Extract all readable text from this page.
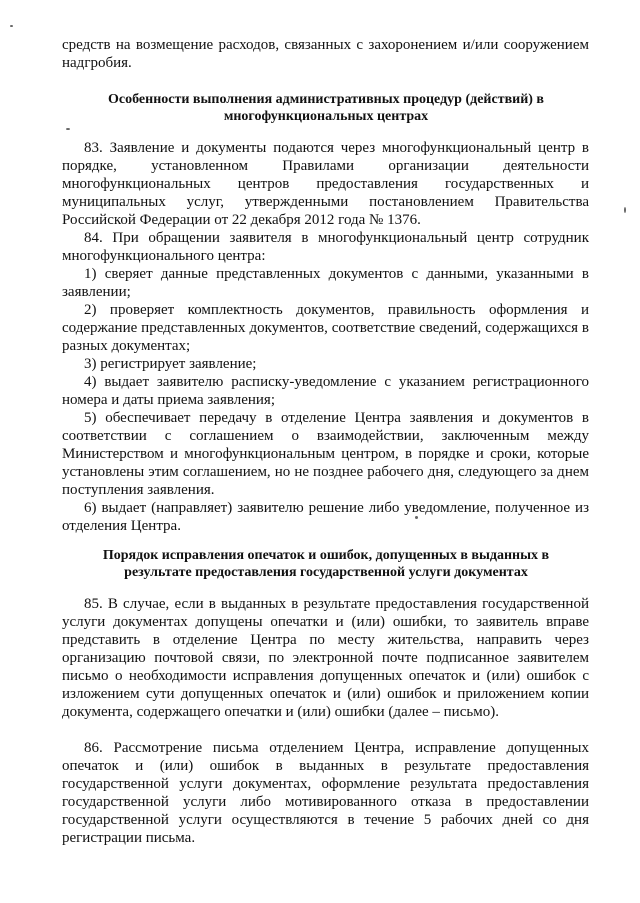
средств на возмещение расходов, связанных с захоронением и/или сооружением надгробия.

Особенности выполнения административных процедур (действий) в многофункциональных центрах

83. Заявление и документы подаются через многофункциональный центр в порядке, установленном Правилами организации деятельности многофункциональных центров предоставления государственных и муниципальных услуг, утвержденными постановлением Правительства Российской Федерации от 22 декабря 2012 года № 1376.

84. При обращении заявителя в многофункциональный центр сотрудник многофункционального центра:

1) сверяет данные представленных документов с данными, указанными в заявлении;

2) проверяет комплектность документов, правильность оформления и содержание представленных документов, соответствие сведений, содержащихся в разных документах;

3) регистрирует заявление;

4) выдает заявителю расписку-уведомление с указанием регистрационного номера и даты приема заявления;

5) обеспечивает передачу в отделение Центра заявления и документов в соответствии с соглашением о взаимодействии, заключенным между Министерством и многофункциональным центром, в порядке и сроки, которые установлены этим соглашением, но не позднее рабочего дня, следующего за днем поступления заявления.

6) выдает (направляет) заявителю решение либо уведомление, полученное из отделения Центра.

Порядок исправления опечаток и ошибок, допущенных в выданных в результате предоставления государственной услуги документах

85. В случае, если в выданных в результате предоставления государственной услуги документах допущены опечатки и (или) ошибки, то заявитель вправе представить в отделение Центра по месту жительства, направить через организацию почтовой связи, по электронной почте подписанное заявителем письмо о необходимости исправления допущенных опечаток и (или) ошибок с изложением сути допущенных опечаток и (или) ошибок и приложением копии документа, содержащего опечатки и (или) ошибки (далее – письмо).

86. Рассмотрение письма отделением Центра, исправление допущенных опечаток и (или) ошибок в выданных в результате предоставления государственной услуги документах, оформление результата предоставления государственной услуги либо мотивированного отказа в предоставлении государственной услуги осуществляются в течение 5 рабочих дней со дня регистрации письма.
